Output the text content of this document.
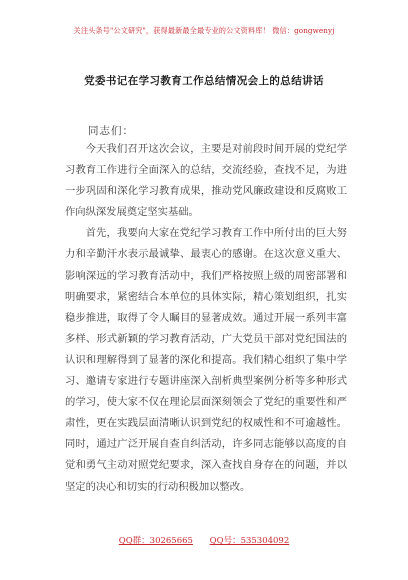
关注头条号"公文研究"，获得最新最全最专业的公文资料库！ 微信：gongwenyj
党委书记在学习教育工作总结情况会上的总结讲话
同志们：

今天我们召开这次会议，主要是对前段时间开展的党纪学习教育工作进行全面深入的总结，交流经验，查找不足，为进一步巩固和深化学习教育成果，推动党风廉政建设和反腐败工作向纵深发展奠定坚实基础。

首先，我要向大家在党纪学习教育工作中所付出的巨大努力和辛勤汗水表示最诚挚、最衷心的感谢。在这次意义重大、影响深远的学习教育活动中，我们严格按照上级的周密部署和明确要求，紧密结合本单位的具体实际，精心策划组织，扎实稳步推进，取得了令人瞩目的显著成效。通过开展一系列丰富多样、形式新颖的学习教育活动，广大党员干部对党纪国法的认识和理解得到了显著的深化和提高。我们精心组织了集中学习、邀请专家进行专题讲座深入剖析典型案例分析等多种形式的学习，使大家不仅在理论层面深刻领会了党纪的重要性和严肃性，更在实践层面清晰认识到党纪的权威性和不可逾越性。同时，通过广泛开展自查自纠活动，许多同志能够以高度的自觉和勇气主动对照党纪要求，深入查找自身存在的问题，并以坚定的决心和切实的行动积极加以整改。

QQ群：30265665 QQ号：535304092
